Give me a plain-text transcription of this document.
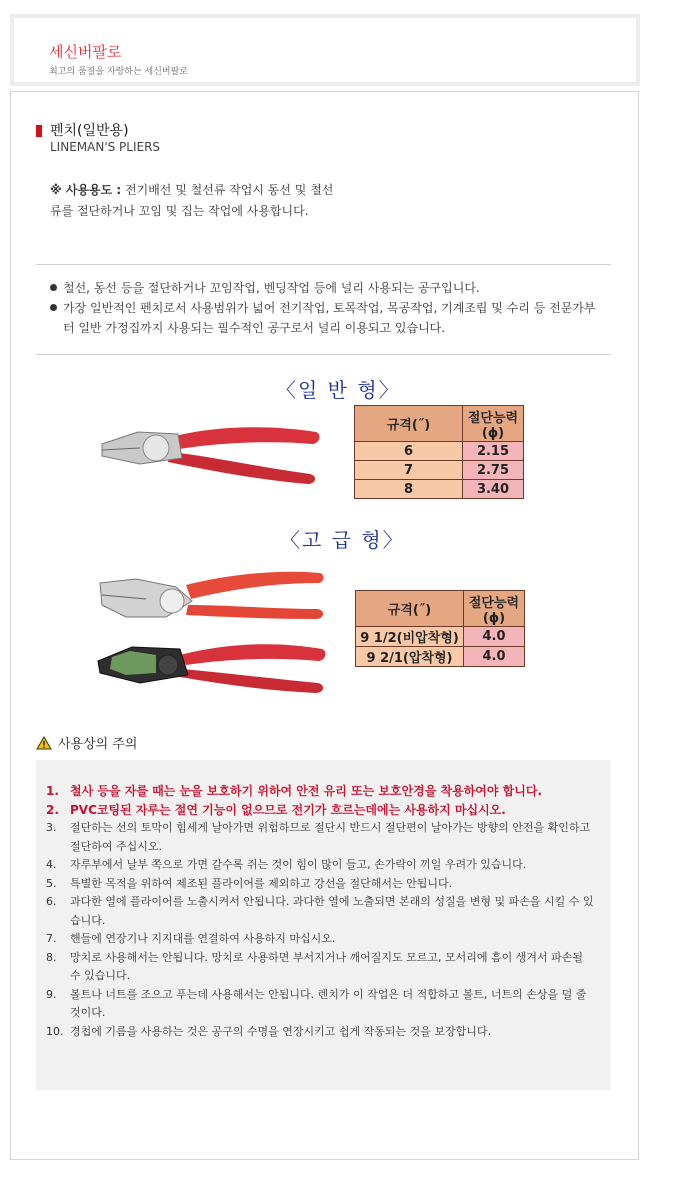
세신버팔로
최고의 품질을 자랑하는 세신버팔로
펜치(일반용)
LINEMAN'S PLIERS
※ 사용용도 : 전기배선 및 철선류 작업시 동선 및 철선류를 절단하거나 꼬임 및 집는 작업에 사용합니다.
철선, 동선 등을 절단하거나 꼬임작업, 벤딩작업 등에 널리 사용되는 공구입니다.
가장 일반적인 펜치로서 사용범위가 넓어 전기작업, 토목작업, 목공작업, 기계조립 및 수리 등 전문가부터 일반 가정집까지 사용되는 필수적인 공구로서 널리 이용되고 있습니다.
〈일 반 형〉
규격(˝)	절단능력
(ϕ)

6	2.15
7	2.75
8	3.40
〈고 급 형〉
규격(˝)	절단능력
(ϕ)

9 1/2(비압착형)	4.0
9 2/1(압착형)	4.0
사용상의 주의
1. 철사 등을 자를 때는 눈을 보호하기 위하여 안전 유리 또는 보호안경을 착용하여야 합니다.
2. PVC코팅된 자루는 절연 기능이 없으므로 전기가 흐르는데에는 사용하지 마십시오.
3. 절단하는 선의 토막이 힘세게 날아가면 위험하므로 절단시 반드시 절단편이 날아가는 방향의 안전을 확인하고 절단하여 주십시오.
4. 자루부에서 날부 쪽으로 가면 갈수록 쥐는 것이 힘이 많이 들고, 손가락이 끼일 우려가 있습니다.
5. 특별한 목적을 위하여 제조된 플라이어를 제외하고 강선을 절단해서는 안됩니다.
6. 과다한 열에 플라이어를 노출시켜서 안됩니다. 과다한 열에 노출되면 본래의 성질을 변형 및 파손을 시킬 수 있습니다.
7. 핸들에 연장기나 지지대를 연결하여 사용하지 마십시오.
8. 망치로 사용해서는 안됩니다. 망치로 사용하면 부서지거나 깨어질지도 모르고, 모서리에 흠이 생겨서 파손될 수 있습니다.
9. 볼트나 너트를 조으고 푸는데 사용해서는 안됩니다. 렌치가 이 작업은 더 적합하고 볼트, 너트의 손상을 덜 줄 것이다.
10. 경첩에 기름을 사용하는 것은 공구의 수명을 연장시키고 쉽게 작동되는 것을 보장합니다.
